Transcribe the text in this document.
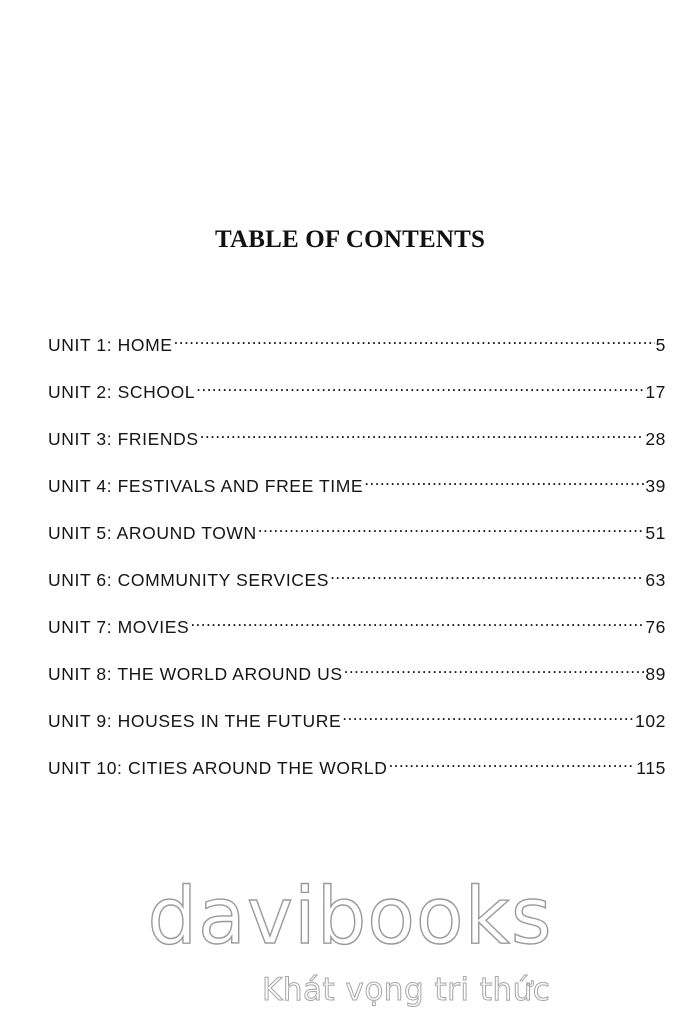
TABLE OF CONTENTS
UNIT 1: HOME .....	5
UNIT 2: SCHOOL .....	17
UNIT 3: FRIENDS .....	28
UNIT 4: FESTIVALS AND FREE TIME .....	39
UNIT 5: AROUND TOWN .....	51
UNIT 6: COMMUNITY SERVICES .....	63
UNIT 7: MOVIES .....	76
UNIT 8: THE WORLD AROUND US .....	89
UNIT 9: HOUSES IN THE FUTURE .....	102
UNIT 10: CITIES AROUND THE WORLD .....	115
davibooks
Khát vọng tri thức
